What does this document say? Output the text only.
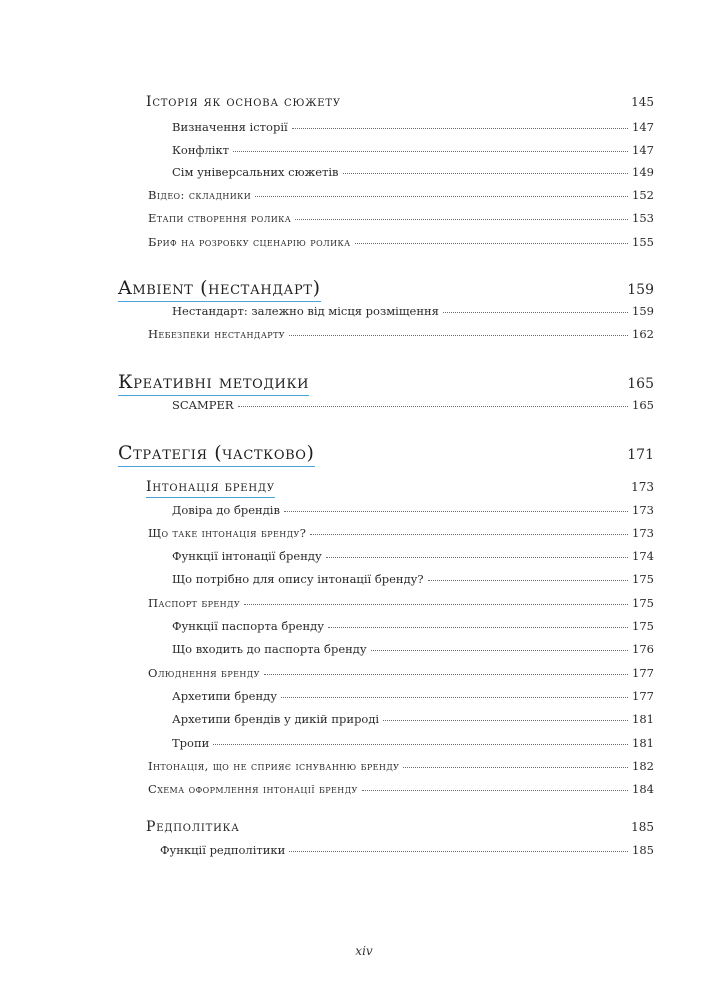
Історія як основа сюжету	145
Визначення історії	147
Конфлікт	147
Сім універсальних сюжетів	149
Відео: складники	152
Етапи створення ролика	153
Бриф на розробку сценарію ролика	155
Ambient (нестандарт)	159
Нестандарт: залежно від місця розміщення	159
Небезпеки нестандарту	162
Креативні методики	165
SCAMPER	165
Стратегія (частково)	171
Інтонація бренду	173
Довіра до брендів	173
Що таке інтонація бренду?	173
Функції інтонації бренду	174
Що потрібно для опису інтонації бренду?	175
Паспорт бренду	175
Функції паспорта бренду	175
Що входить до паспорта бренду	176
Олюднення бренду	177
Архетипи бренду	177
Архетипи брендів у дикій природі	181
Тропи	181
Інтонація, що не сприяє існуванню бренду	182
Схема оформлення інтонації бренду	184
Редполітика	185
Функції редполітики	185
xiv
